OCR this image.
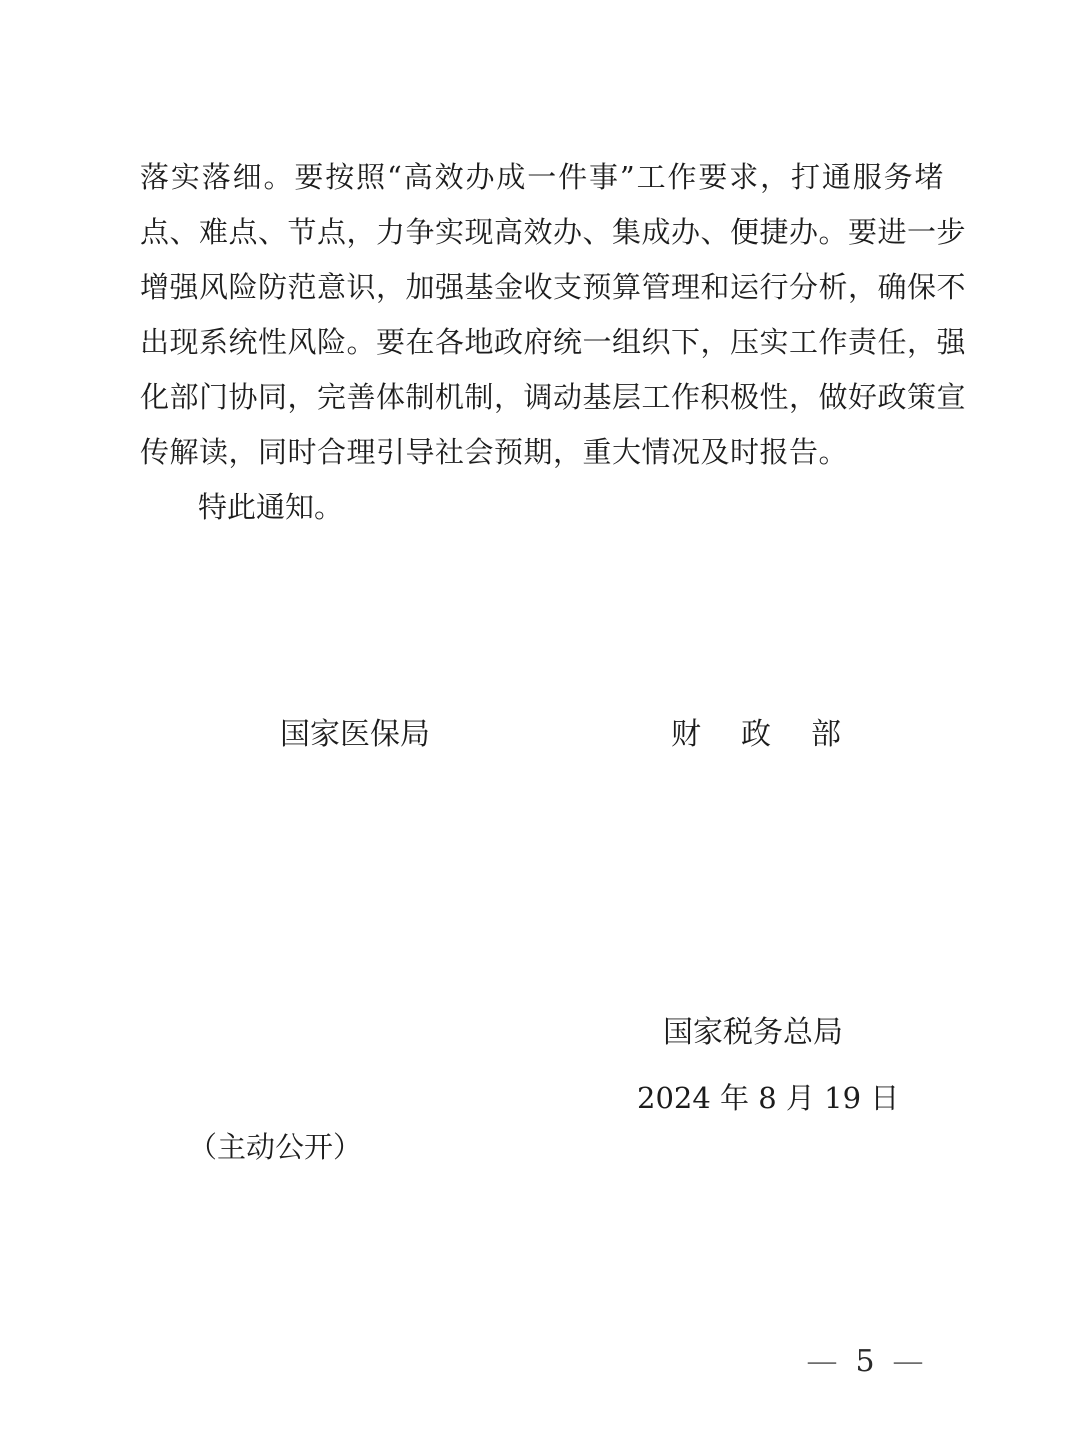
落实落细。要按照“高效办成一件事”工作要求，打通服务堵
点、难点、节点，力争实现高效办、集成办、便捷办。要进一步
增强风险防范意识，加强基金收支预算管理和运行分析，确保不
出现系统性风险。要在各地政府统一组织下，压实工作责任，强
化部门协同，完善体制机制，调动基层工作积极性，做好政策宣
传解读，同时合理引导社会预期，重大情况及时报告。
特此通知。
国家医保局	财　政　部
国家税务总局
2024 年 8 月 19 日
（主动公开）
— 5 —
